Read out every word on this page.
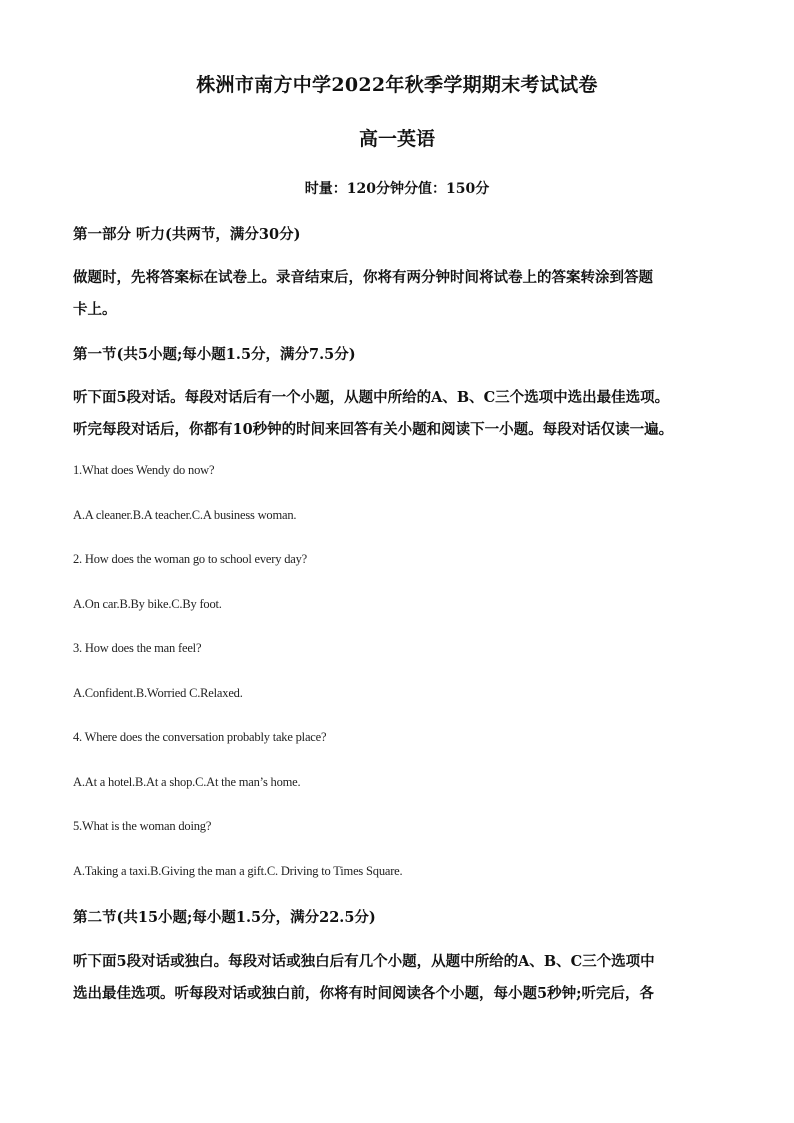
株洲市南方中学2022年秋季学期期末考试试卷
高一英语
时量：120分钟分值：150分
第一部分 听力(共两节，满分30分)
做题时，先将答案标在试卷上。录音结束后，你将有两分钟时间将试卷上的答案转涂到答题
卡上。
第一节(共5小题;每小题1.5分，满分7.5分)
听下面5段对话。每段对话后有一个小题，从题中所给的A、B、C三个选项中选出最佳选项。
听完每段对话后，你都有10秒钟的时间来回答有关小题和阅读下一小题。每段对话仅读一遍。
1.What does Wendy do now?
A.A cleaner.B.A teacher.C.A business woman.
2. How does the woman go to school every day?
A.On car.B.By bike.C.By foot.
3. How does the man feel?
A.Confident.B.Worried C.Relaxed.
4. Where does the conversation probably take place?
A.At a hotel.B.At a shop.C.At the man’s home.
5.What is the woman doing?
A.Taking a taxi.B.Giving the man a gift.C. Driving to Times Square.
第二节(共15小题;每小题1.5分，满分22.5分)
听下面5段对话或独白。每段对话或独白后有几个小题，从题中所给的A、B、C三个选项中
选出最佳选项。听每段对话或独白前，你将有时间阅读各个小题，每小题5秒钟;听完后，各
